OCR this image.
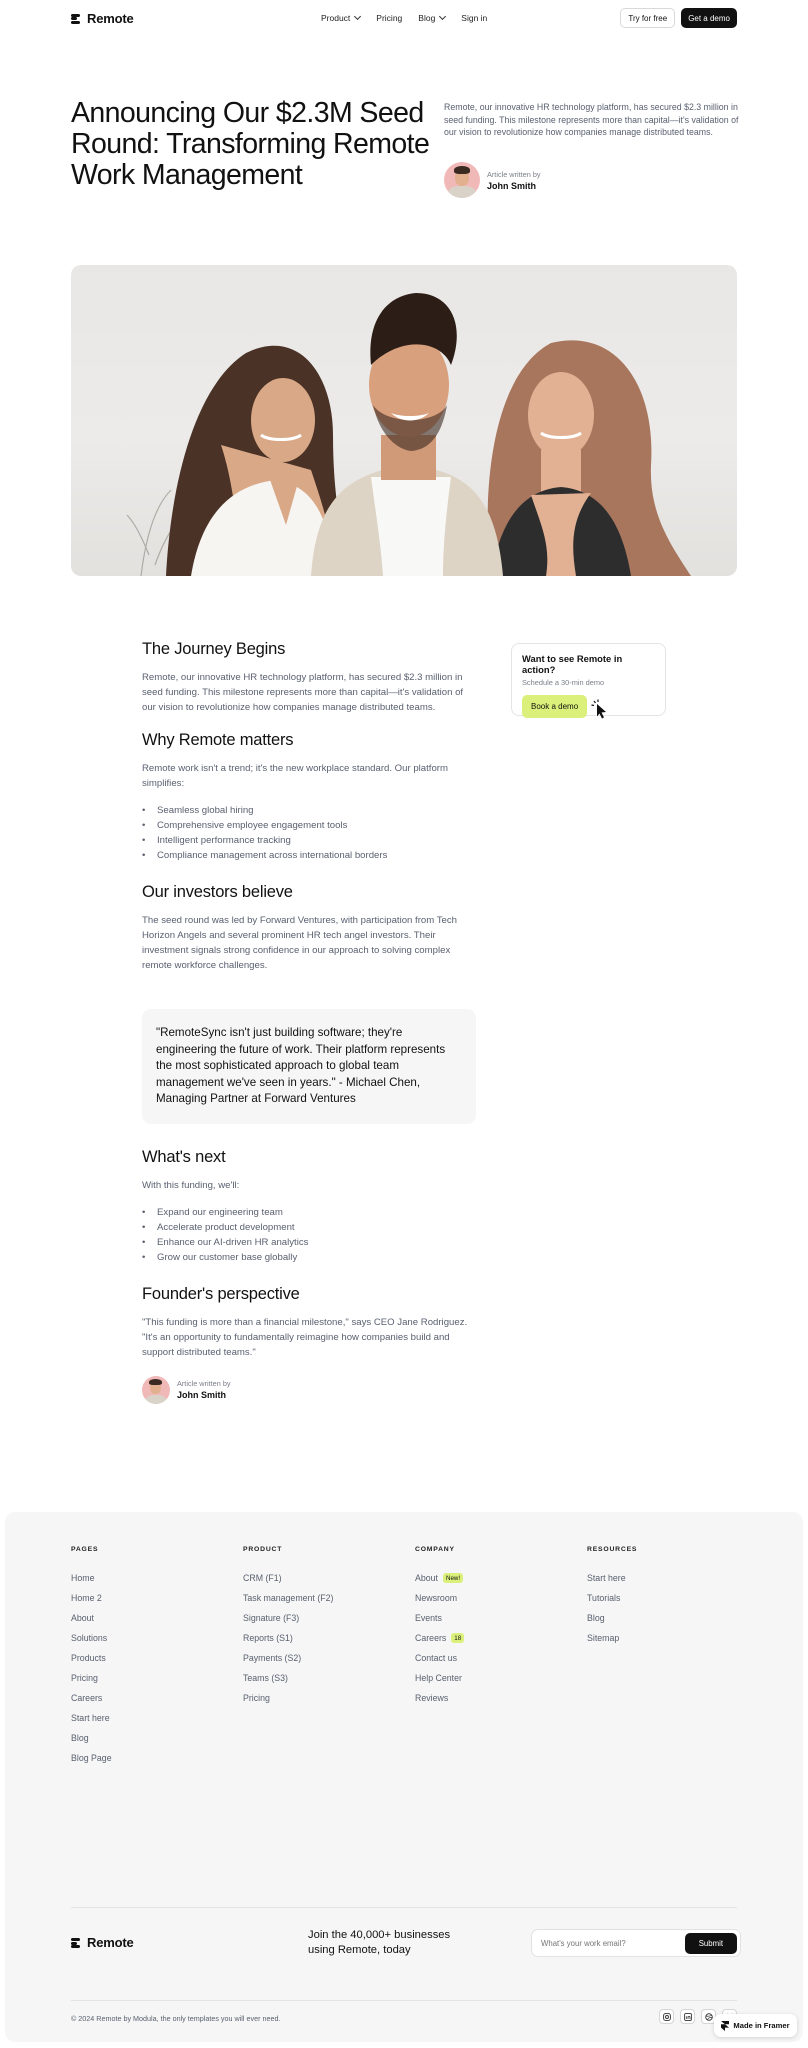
Remote	Product	Pricing Blog	Sign in	Try for free	Get a demo
Announcing Our $2.3M Seed Round: Transforming Remote Work Management

Remote, our innovative HR technology platform, has secured $2.3 million in seed funding. This milestone represents more than capital—it's validation of our vision to revolutionize how companies manage distributed teams.

Article written by
John Smith
The Journey Begins

Remote, our innovative HR technology platform, has secured $2.3 million in seed funding. This milestone represents more than capital—it's validation of our vision to revolutionize how companies manage distributed teams.

Why Remote matters

Remote work isn't a trend; it's the new workplace standard. Our platform simplifies:

• Seamless global hiring
• Comprehensive employee engagement tools
• Intelligent performance tracking
• Compliance management across international borders
Our investors believe

The seed round was led by Forward Ventures, with participation from Tech Horizon Angels and several prominent HR tech angel investors. Their investment signals strong confidence in our approach to solving complex remote workforce challenges.

"RemoteSync isn't just building software; they're engineering the future of work. Their platform represents the most sophisticated approach to global team management we've seen in years." - Michael Chen, Managing Partner at Forward Ventures
What's next

With this funding, we'll:

• Expand our engineering team
• Accelerate product development
• Enhance our AI-driven HR analytics
• Grow our customer base globally
Founder's perspective

"This funding is more than a financial milestone," says CEO Jane Rodriguez. "It's an opportunity to fundamentally reimagine how companies build and support distributed teams."

Article written by
John Smith
Want to see Remote in action?
Schedule a 30-min demo
Book a demo
PAGES
Home
Home 2
About
Solutions
Products
Pricing
Careers
Start here
Blog
Blog Page
PRODUCT
CRM (F1)
Task management (F2)
Signature (F3)
Reports (S1)
Payments (S2)
Teams (S3)
Pricing
COMPANY
About	New!
Newsroom
Events
Careers	18
Contact us
Help Center
Reviews
RESOURCES
Start here
Tutorials
Blog
Sitemap
Remote	Join the 40,000+ businesses using Remote, today
What's your work email?	Submit
© 2024 Remote by Modula, the only templates you will ever need.
Made in Framer
